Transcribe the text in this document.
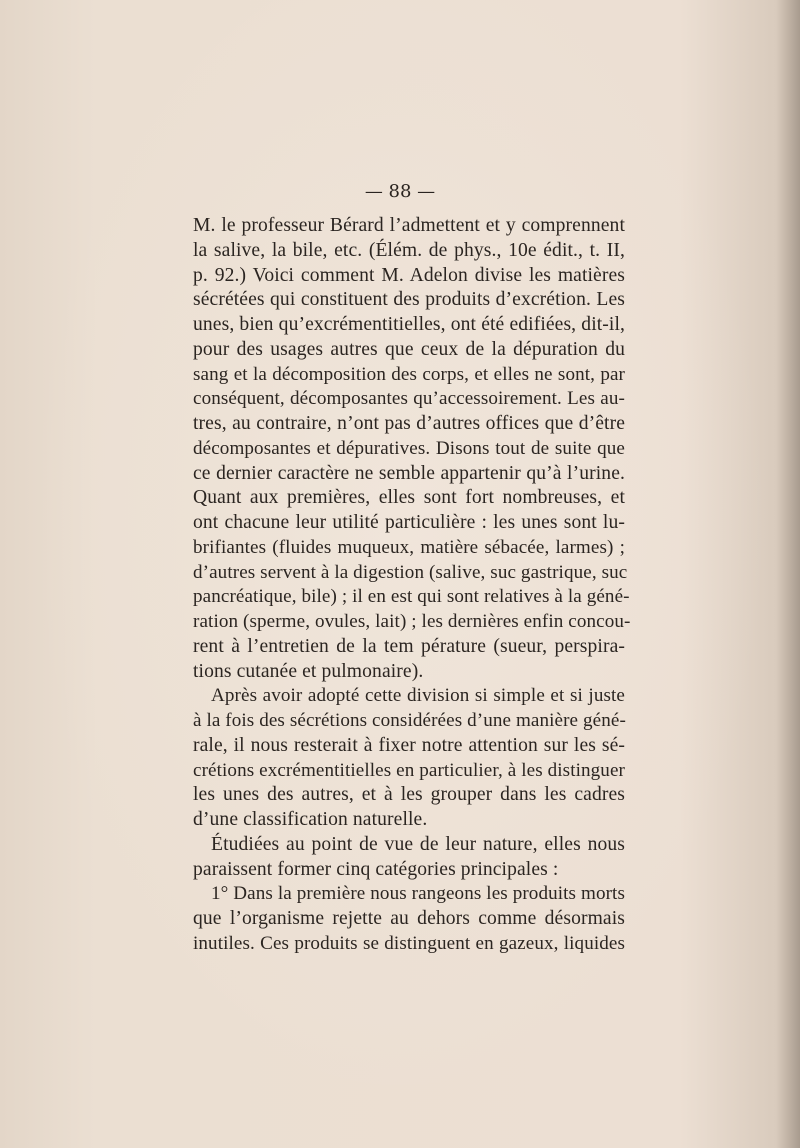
— 88 —
M. le professeur Bérard l’admettent et y comprennent
la salive, la bile, etc. (Élém. de phys., 10e édit., t. II,
p. 92.) Voici comment M. Adelon divise les matières
sécrétées qui constituent des produits d’excrétion. Les
unes, bien qu’excrémentitielles, ont été edifiées, dit-il,
pour des usages autres que ceux de la dépuration du
sang et la décomposition des corps, et elles ne sont, par
conséquent, décomposantes qu’accessoirement. Les au-
tres, au contraire, n’ont pas d’autres offices que d’être
décomposantes et dépuratives. Disons tout de suite que
ce dernier caractère ne semble appartenir qu’à l’urine.
Quant aux premières, elles sont fort nombreuses, et
ont chacune leur utilité particulière : les unes sont lu-
brifiantes (fluides muqueux, matière sébacée, larmes) ;
d’autres servent à la digestion (salive, suc gastrique, suc
pancréatique, bile) ; il en est qui sont relatives à la géné-
ration (sperme, ovules, lait) ; les dernières enfin concou-
rent à l’entretien de la tem pérature (sueur, perspira-
tions cutanée et pulmonaire).
Après avoir adopté cette division si simple et si juste
à la fois des sécrétions considérées d’une manière géné-
rale, il nous resterait à fixer notre attention sur les sé-
crétions excrémentitielles en particulier, à les distinguer
les unes des autres, et à les grouper dans les cadres
d’une classification naturelle.
Étudiées au point de vue de leur nature, elles nous
paraissent former cinq catégories principales :
1° Dans la première nous rangeons les produits morts
que l’organisme rejette au dehors comme désormais
inutiles. Ces produits se distinguent en gazeux, liquides
